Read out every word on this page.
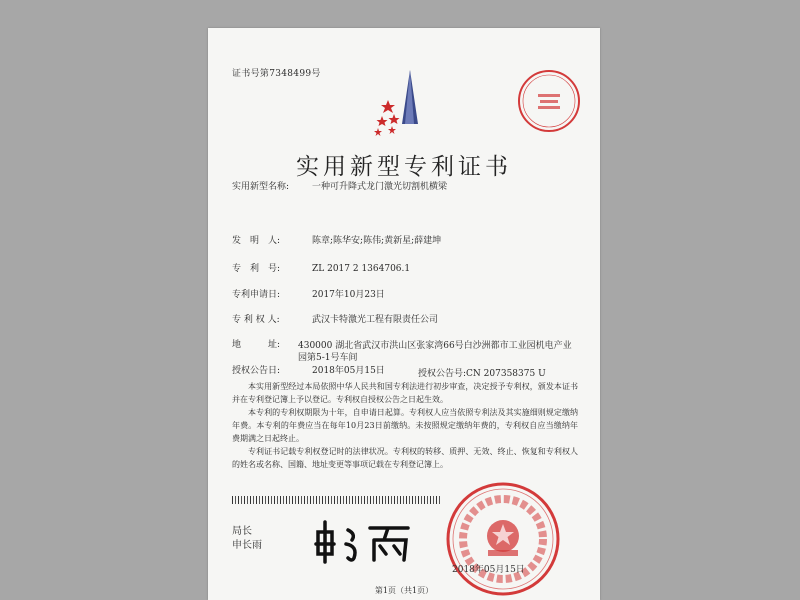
证书号第7348499号
实用新型专利证书
实用新型名称:	一种可升降式龙门激光切割机横梁
发　明　人:	陈章;陈华安;陈伟;黄新星;薛建坤
专　利　号:	ZL 2017 2 1364706.1
专利申请日:	2017年10月23日
专 利 权 人:	武汉卡特激光工程有限责任公司
地　　　址:	430000 湖北省武汉市洪山区张家湾66号白沙洲都市工业园机电产业园第5-1号车间
授权公告日:	2018年05月15日	授权公告号:CN 207358375 U
本实用新型经过本局依照中华人民共和国专利法进行初步审查，决定授予专利权，颁发本证书并在专利登记簿上予以登记。专利权自授权公告之日起生效。
本专利的专利权期限为十年，自申请日起算。专利权人应当依照专利法及其实施细则规定缴纳年费。本专利的年费应当在每年10月23日前缴纳。未按照规定缴纳年费的，专利权自应当缴纳年费期满之日起终止。
专利证书记载专利权登记时的法律状况。专利权的转移、质押、无效、终止、恢复和专利权人的姓名或名称、国籍、地址变更等事项记载在专利登记簿上。
局长
申长雨
2018年05月15日
第1页（共1页）
